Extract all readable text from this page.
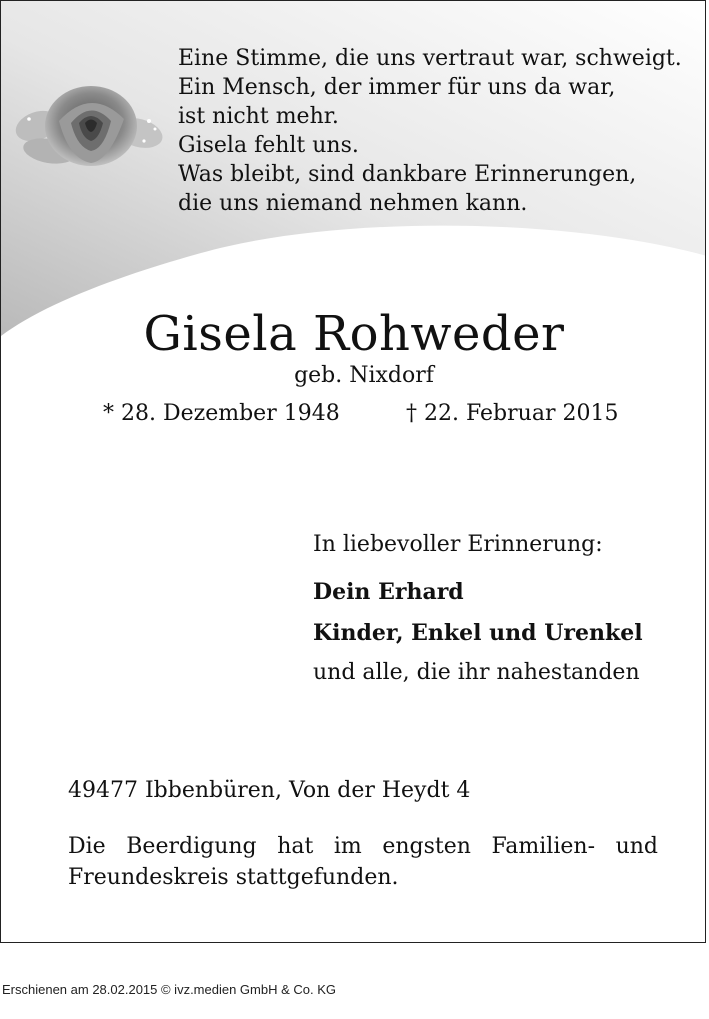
Eine Stimme, die uns vertraut war, schweigt.
Ein Mensch, der immer für uns da war,
ist nicht mehr.
Gisela fehlt uns.
Was bleibt, sind dankbare Erinnerungen,
die uns niemand nehmen kann.
Gisela Rohweder
geb. Nixdorf
* 28. Dezember 1948	† 22. Februar 2015
In liebevoller Erinnerung:
Dein Erhard
Kinder, Enkel und Urenkel
und alle, die ihr nahestanden
49477 Ibbenbüren, Von der Heydt 4
Die Beerdigung hat im engsten Familien- und Freundeskreis stattgefunden.
Erschienen am 28.02.2015 © ivz.medien GmbH & Co. KG
